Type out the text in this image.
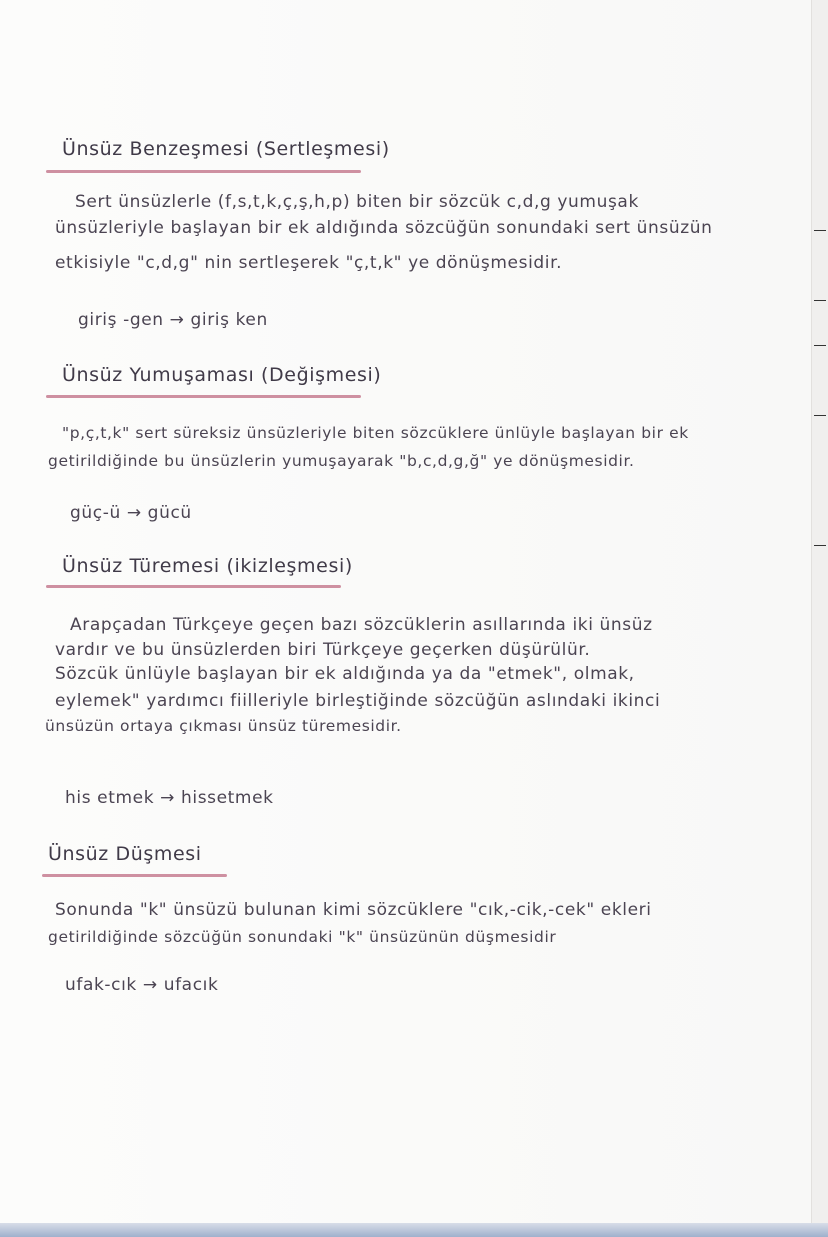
Ünsüz Benzeşmesi (Sertleşmesi)
Sert ünsüzlerle (f,s,t,k,ç,ş,h,p) biten bir sözcük c,d,g yumuşak
ünsüzleriyle başlayan bir ek aldığında sözcüğün sonundaki sert ünsüzün
etkisiyle "c,d,g" nin sertleşerek "ç,t,k" ye dönüşmesidir.
giriş -gen → giriş ken
Ünsüz Yumuşaması (Değişmesi)
"p,ç,t,k" sert süreksiz ünsüzleriyle biten sözcüklere ünlüyle başlayan bir ek
getirildiğinde bu ünsüzlerin yumuşayarak "b,c,d,g,ğ" ye dönüşmesidir.
güç-ü → gücü
Ünsüz Türemesi (ikizleşmesi)
Arapçadan Türkçeye geçen bazı sözcüklerin asıllarında iki ünsüz
vardır ve bu ünsüzlerden biri Türkçeye geçerken düşürülür.
Sözcük ünlüyle başlayan bir ek aldığında ya da "etmek", olmak,
eylemek" yardımcı fiilleriyle birleştiğinde sözcüğün aslındaki ikinci
ünsüzün ortaya çıkması ünsüz türemesidir.
his etmek → hissetmek
Ünsüz Düşmesi
Sonunda "k" ünsüzü bulunan kimi sözcüklere "cık,-cik,-cek" ekleri
getirildiğinde sözcüğün sonundaki "k" ünsüzünün düşmesidir
ufak-cık → ufacık
